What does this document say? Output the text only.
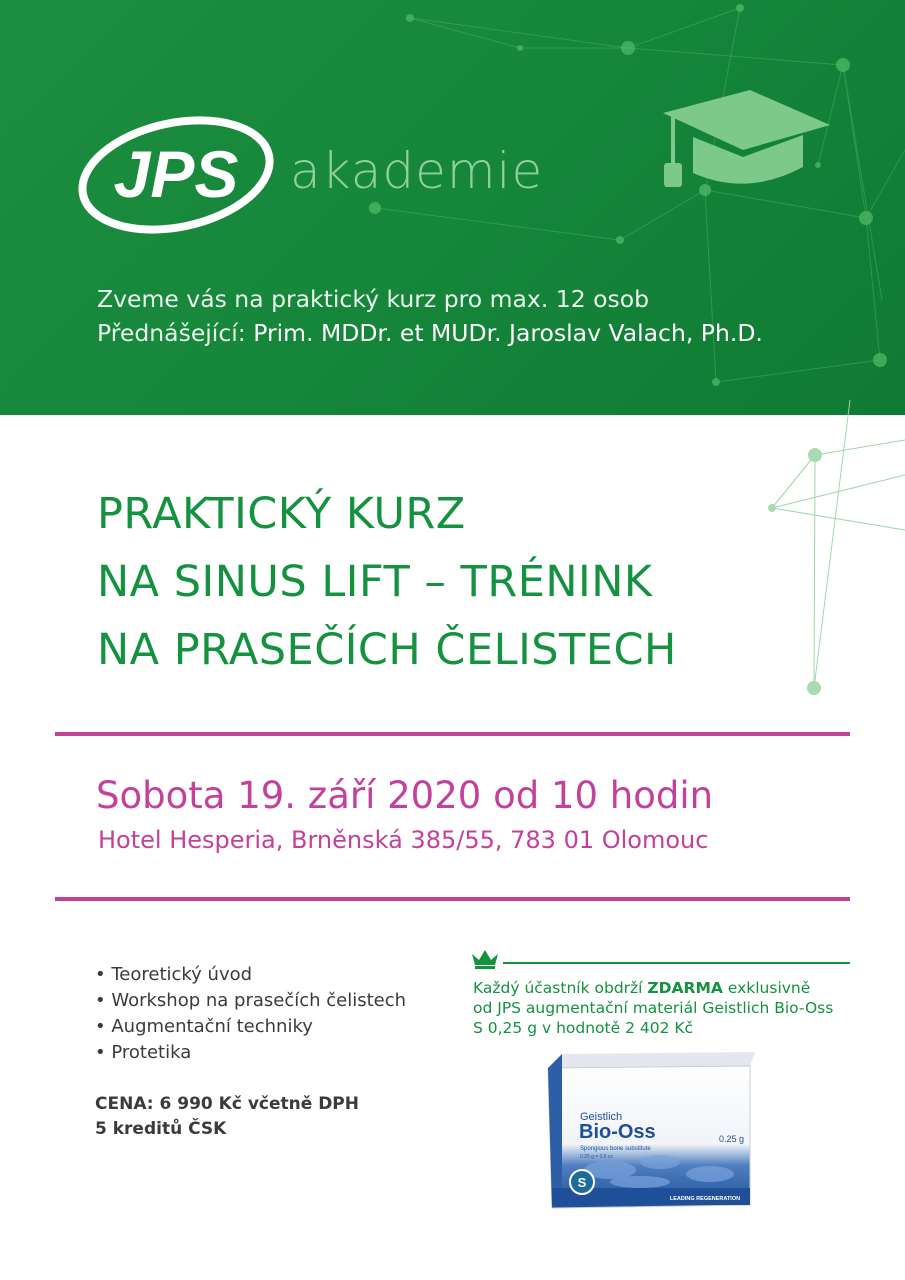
JPS akademie
Zveme vás na praktický kurz pro max. 12 osob
Přednášející: Prim. MDDr. et MUDr. Jaroslav Valach, Ph.D.
PRAKTICKÝ KURZ
NA SINUS LIFT – TRÉNINK
NA PRASEČÍCH ČELISTECH
Sobota 19. září 2020 od 10 hodin
Hotel Hesperia, Brněnská 385/55, 783 01 Olomouc
• Teoretický úvod
• Workshop na prasečích čelistech
• Augmentační techniky
• Protetika
CENA: 6 990 Kč včetně DPH
5 kreditů ČSK
Každý účastník obdrží ZDARMA exklusivně
od JPS augmentační materiál Geistlich Bio-Oss
S 0,25 g v hodnotě 2 402 Kč
S
Geistlich
Bio-Oss
Spongious bone substitute
0.25 g = 0.5 cc
0.25 g
LEADING REGENERATION
